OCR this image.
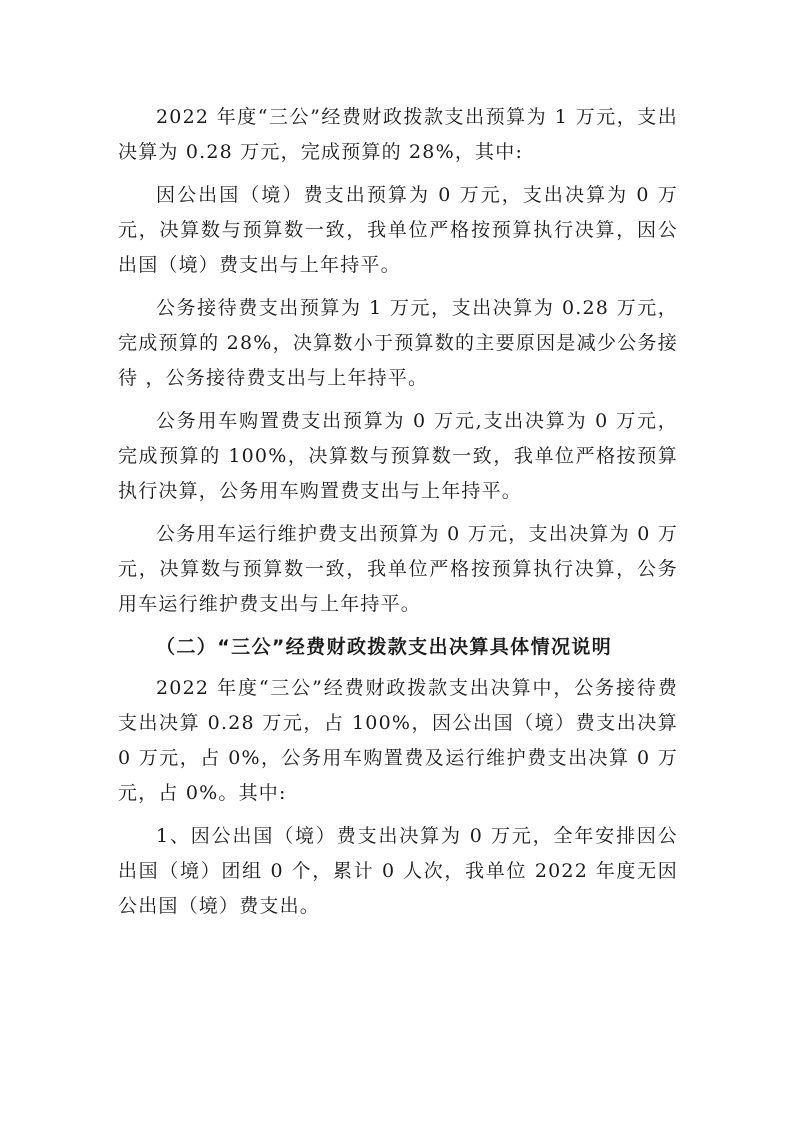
2022 年度“三公”经费财政拨款支出预算为 1 万元，支出决算为 0.28 万元，完成预算的 28%，其中:

因公出国（境）费支出预算为 0 万元，支出决算为 0 万元，决算数与预算数一致，我单位严格按预算执行决算，因公出国（境）费支出与上年持平。

公务接待费支出预算为 1 万元，支出决算为 0.28 万元，完成预算的 28%，决算数小于预算数的主要原因是减少公务接待 ，公务接待费支出与上年持平。

公务用车购置费支出预算为 0 万元,支出决算为 0 万元，完成预算的 100%，决算数与预算数一致，我单位严格按预算执行决算，公务用车购置费支出与上年持平。

公务用车运行维护费支出预算为 0 万元，支出决算为 0 万元，决算数与预算数一致，我单位严格按预算执行决算，公务用车运行维护费支出与上年持平。

（二）“三公”经费财政拨款支出决算具体情况说明

2022 年度“三公”经费财政拨款支出决算中，公务接待费支出决算 0.28 万元，占 100%，因公出国（境）费支出决算 0 万元，占 0%，公务用车购置费及运行维护费支出决算 0 万元，占 0%。其中:

1、因公出国（境）费支出决算为 0 万元，全年安排因公出国（境）团组 0 个，累计 0 人次，我单位 2022 年度无因公出国（境）费支出。
